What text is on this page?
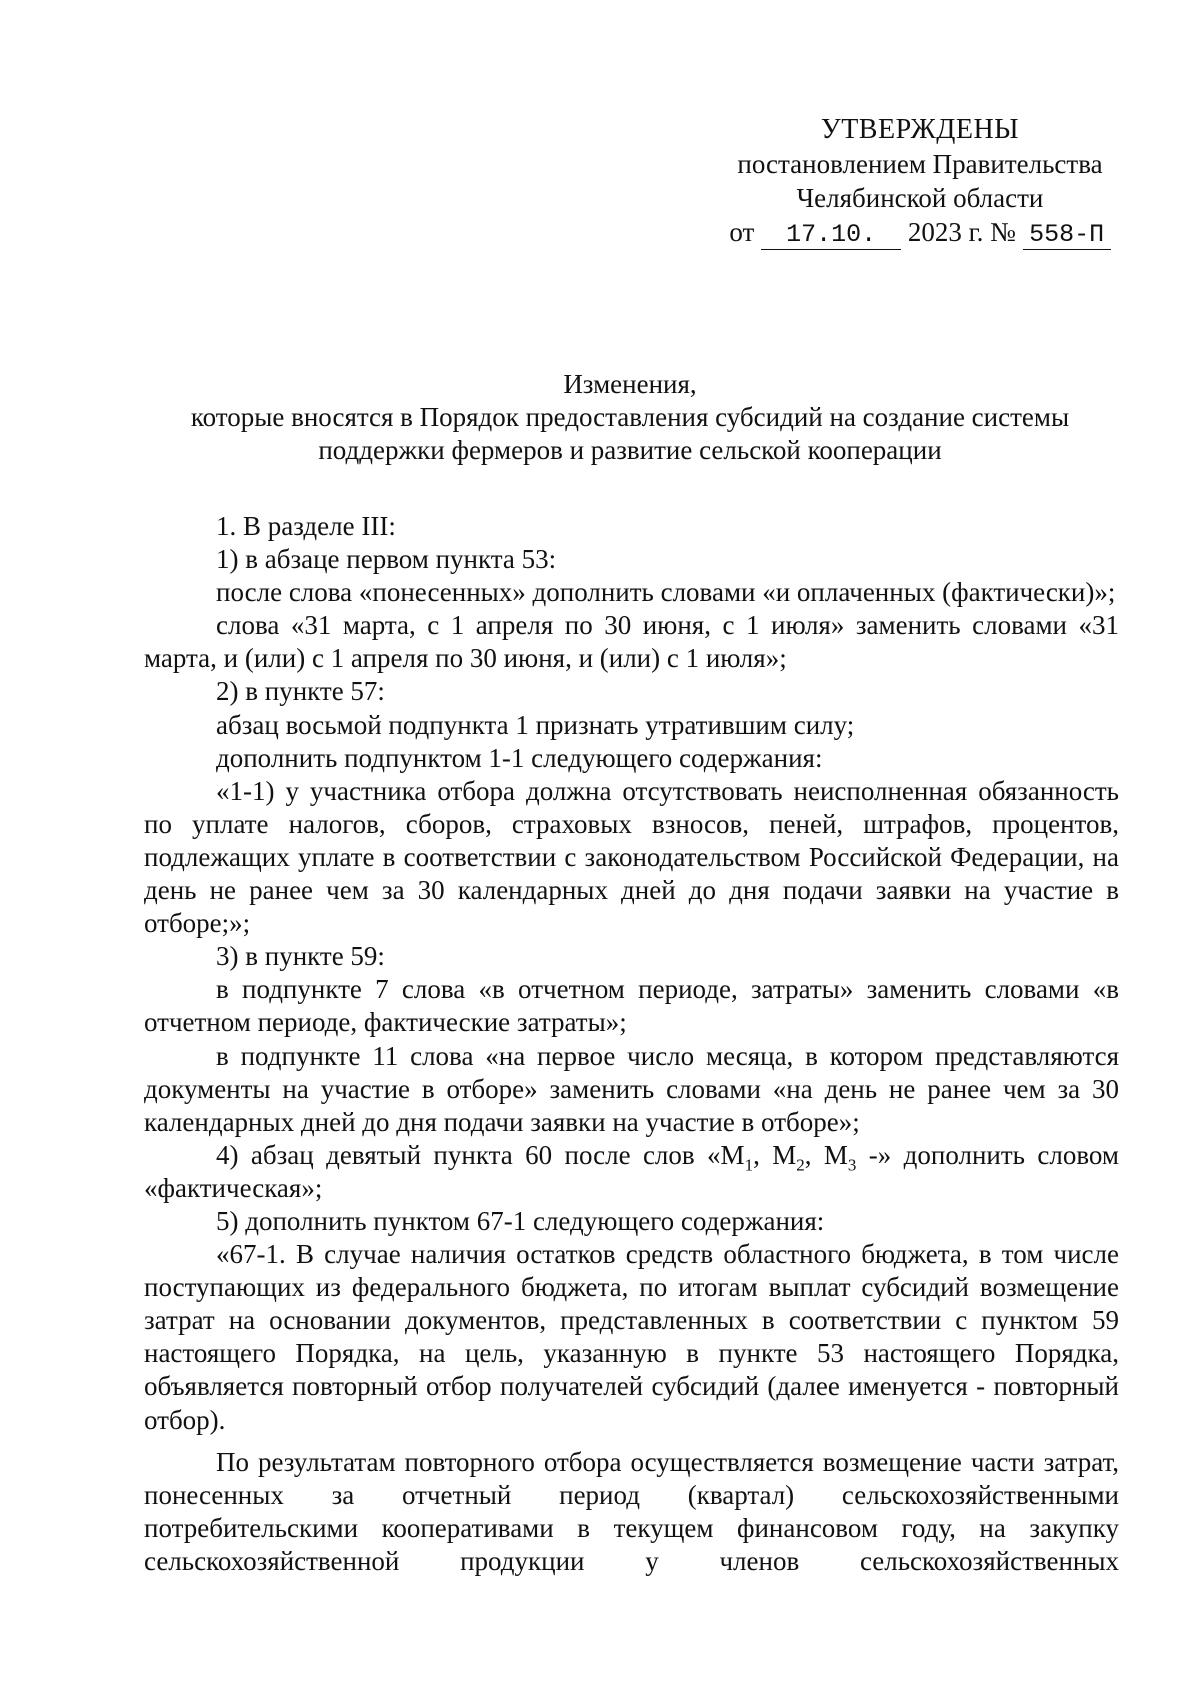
УТВЕРЖДЕНЫ
постановлением Правительства
Челябинской области
от 17.10. 2023 г. № 558-П
Изменения,
которые вносятся в Порядок предоставления субсидий на создание системы
поддержки фермеров и развитие сельской кооперации

1. В разделе III:

1) в абзаце первом пункта 53:

после слова «понесенных» дополнить словами «и оплаченных (фактически)»;

слова «31 марта, с 1 апреля по 30 июня, с 1 июля» заменить словами «31 марта, и (или) с 1 апреля по 30 июня, и (или) с 1 июля»;

2) в пункте 57:

абзац восьмой подпункта 1 признать утратившим силу;

дополнить подпунктом 1-1 следующего содержания:

«1-1) у участника отбора должна отсутствовать неисполненная обязанность по уплате налогов, сборов, страховых взносов, пеней, штрафов, процентов, подлежащих уплате в соответствии с законодательством Российской Федерации, на день не ранее чем за 30 календарных дней до дня подачи заявки на участие в отборе;»;

3) в пункте 59:

в подпункте 7 слова «в отчетном периоде, затраты» заменить словами «в отчетном периоде, фактические затраты»;

в подпункте 11 слова «на первое число месяца, в котором представляются документы на участие в отборе» заменить словами «на день не ранее чем за 30 календарных дней до дня подачи заявки на участие в отборе»;

4) абзац девятый пункта 60 после слов «$M_1$, $M_2$, $M_3$ -» дополнить словом «фактическая»;

5) дополнить пунктом 67-1 следующего содержания:

«67-1. В случае наличия остатков средств областного бюджета, в том числе поступающих из федерального бюджета, по итогам выплат субсидий возмещение затрат на основании документов, представленных в соответствии с пунктом 59 настоящего Порядка, на цель, указанную в пункте 53 настоящего Порядка, объявляется повторный отбор получателей субсидий (далее именуется - повторный отбор).

По результатам повторного отбора осуществляется возмещение части затрат, понесенных за отчетный период (квартал) сельскохозяйственными потребительскими кооперативами в текущем финансовом году, на закупку сельскохозяйственной продукции у членов сельскохозяйственных
